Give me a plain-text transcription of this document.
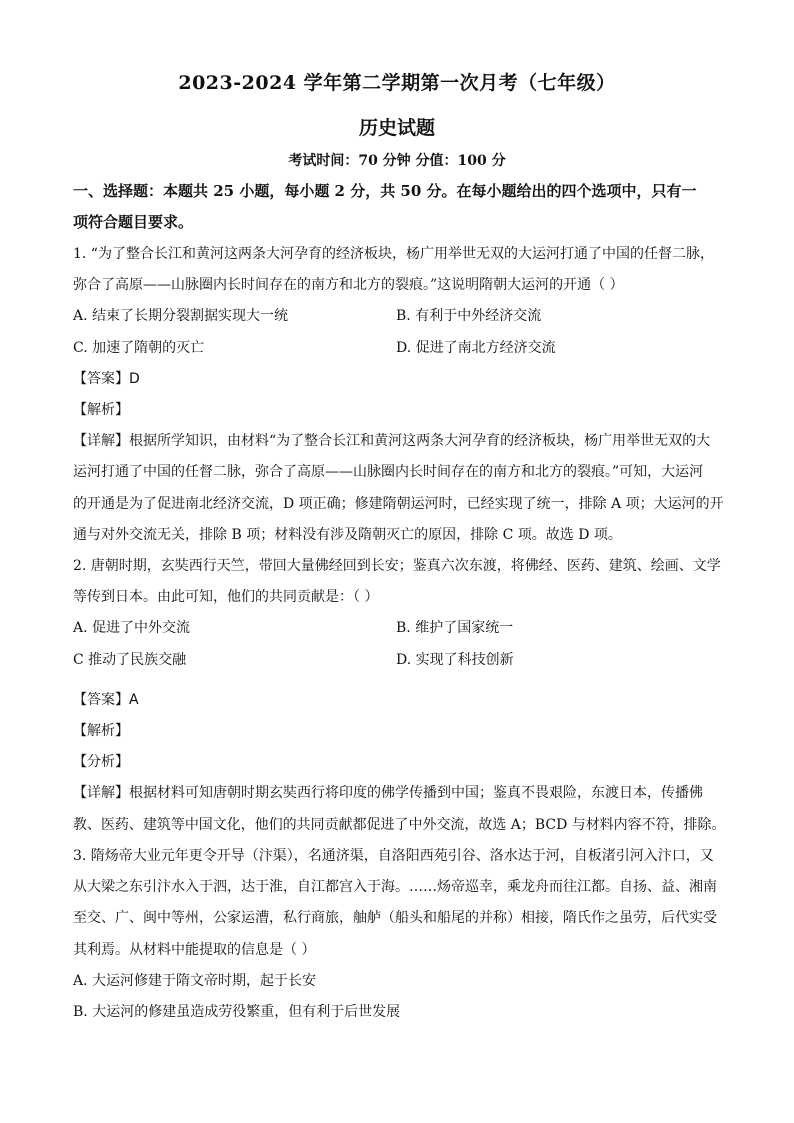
2023-2024 学年第二学期第一次月考（七年级）
历史试题
考试时间：70 分钟 分值：100 分
一、选择题：本题共 25 小题，每小题 2 分，共 50 分。在每小题给出的四个选项中，只有一
项符合题目要求。
1. “为了整合长江和黄河这两条大河孕育的经济板块，杨广用举世无双的大运河打通了中国的任督二脉，
弥合了高原——山脉圈内长时间存在的南方和北方的裂痕。”这说明隋朝大运河的开通（ ）
A. 结束了长期分裂割据实现大一统	B. 有利于中外经济交流
C. 加速了隋朝的灭亡	D. 促进了南北方经济交流
【答案】D
【解析】
【详解】根据所学知识，由材料“为了整合长江和黄河这两条大河孕育的经济板块，杨广用举世无双的大
运河打通了中国的任督二脉，弥合了高原——山脉圈内长时间存在的南方和北方的裂痕。”可知，大运河
的开通是为了促进南北经济交流，D 项正确；修建隋朝运河时，已经实现了统一，排除 A 项；大运河的开
通与对外交流无关，排除 B 项；材料没有涉及隋朝灭亡的原因，排除 C 项。故选 D 项。
2. 唐朝时期，玄奘西行天竺，带回大量佛经回到长安；鉴真六次东渡，将佛经、医药、建筑、绘画、文学
等传到日本。由此可知，他们的共同贡献是：（ ）
A. 促进了中外交流	B. 维护了国家统一
C 推动了民族交融	D. 实现了科技创新
【答案】A
【解析】
【分析】
【详解】根据材料可知唐朝时期玄奘西行将印度的佛学传播到中国；鉴真不畏艰险，东渡日本，传播佛
教、医药、建筑等中国文化，他们的共同贡献都促进了中外交流，故选 A；BCD 与材料内容不符，排除。
3. 隋炀帝大业元年更令开导（汴渠），名通济渠，自洛阳西苑引谷、洛水达于河，自板渚引河入汴口，又
从大梁之东引汴水入于泗，达于淮，自江都宫入于海。……炀帝巡幸，乘龙舟而往江都。自扬、益、湘南
至交、广、闽中等州，公家运漕，私行商旅，舳舻（船头和船尾的并称）相接，隋氏作之虽劳，后代实受
其利焉。从材料中能提取的信息是（ ）
A. 大运河修建于隋文帝时期，起于长安
B. 大运河的修建虽造成劳役繁重，但有利于后世发展
